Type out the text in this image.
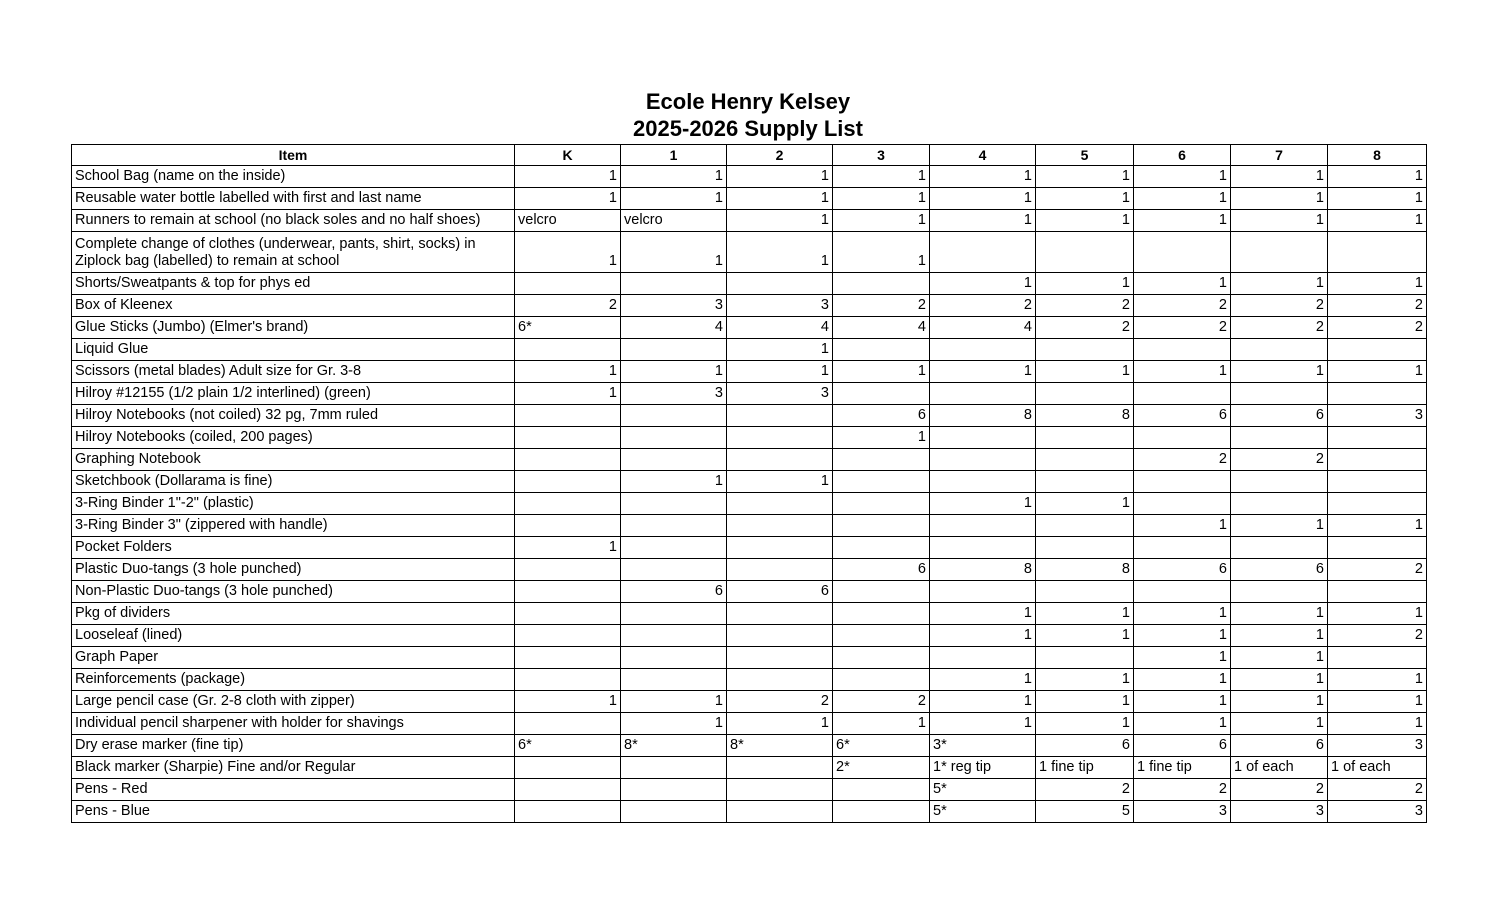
Ecole Henry Kelsey
2025-2026 Supply List
Item	K	1	2	3	4	5	6	7	8
School Bag (name on the inside)	1	1	1	1	1	1	1	1	1
Reusable water bottle labelled with first and last name	1	1	1	1	1	1	1	1	1
Runners to remain at school (no black soles and no half shoes)	velcro	velcro	1	1	1	1	1	1	1
Complete change of clothes (underwear, pants, shirt, socks) in Ziplock bag (labelled) to remain at school	1	1	1	1					
Shorts/Sweatpants & top for phys ed					1	1	1	1	1
Box of Kleenex	2	3	3	2	2	2	2	2	2
Glue Sticks (Jumbo) (Elmer's brand)	6*	4	4	4	4	2	2	2	2
Liquid Glue			1						
Scissors (metal blades) Adult size for Gr. 3-8	1	1	1	1	1	1	1	1	1
Hilroy #12155 (1/2 plain 1/2 interlined) (green)	1	3	3						
Hilroy Notebooks (not coiled) 32 pg, 7mm ruled				6	8	8	6	6	3
Hilroy Notebooks (coiled, 200 pages)				1					
Graphing Notebook							2	2	
Sketchbook (Dollarama is fine)		1	1						
3-Ring Binder 1"-2" (plastic)					1	1			
3-Ring Binder 3" (zippered with handle)							1	1	1
Pocket Folders	1								
Plastic Duo-tangs (3 hole punched)				6	8	8	6	6	2
Non-Plastic Duo-tangs (3 hole punched)		6	6						
Pkg of dividers					1	1	1	1	1
Looseleaf (lined)					1	1	1	1	2
Graph Paper							1	1	
Reinforcements (package)					1	1	1	1	1
Large pencil case (Gr. 2-8 cloth with zipper)	1	1	2	2	1	1	1	1	1
Individual pencil sharpener with holder for shavings		1	1	1	1	1	1	1	1
Dry erase marker (fine tip)	6*	8*	8*	6*	3*	6	6	6	3
Black marker (Sharpie) Fine and/or Regular				2*	1* reg tip	1 fine tip	1 fine tip	1 of each	1 of each
Pens - Red					5*	2	2	2	2
Pens - Blue					5*	5	3	3	3
